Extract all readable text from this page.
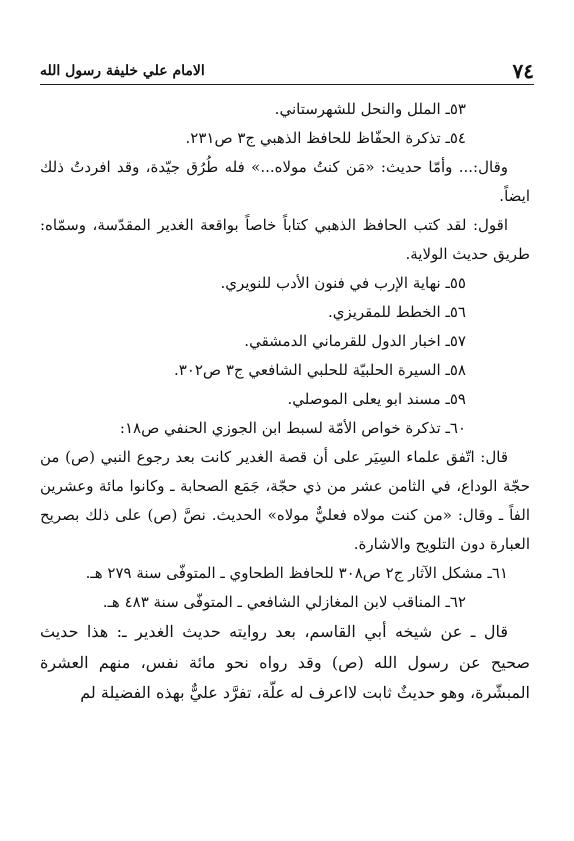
٧٤
الامام علي خليفة رسول الله

٥٣ـ الملل والنحل للشهرستاني.

٥٤ـ تذكرة الحفّاظ للحافظ الذهبي ج٣ ص٢٣١.

وقال:... وأمّا حديث: «مَن كنتُ مولاه...» فله طُرُق جيّدة، وقد افردتُ ذلك ايضاً.

اقول: لقد كتب الحافظ الذهبي كتاباً خاصاً بواقعة الغدير المقدّسة، وسمّاه: طريق حديث الولاية.

٥٥ـ نهاية الإرب في فنون الأدب للنويري.

٥٦ـ الخطط للمقريزي.

٥٧ـ اخبار الدول للقرماني الدمشقي.

٥٨ـ السيرة الحلبيّة للحلبي الشافعي ج٣ ص٣٠٢.

٥٩ـ مسند ابو يعلى الموصلي.

٦٠ـ تذكرة خواص الأمّة لسبط ابن الجوزي الحنفي ص١٨:

قال: اتّفق علماء السِيَر على أن قصة الغدير كانت بعد رجوع النبي (ص) من حجّة الوداع، في الثامن عشر من ذي حجّة، جَمَع الصحابة ـ وكانوا مائة وعشرين الفاً ـ وقال: «من كنت مولاه فعليٌّ مولاه» الحديث. نصَّ (ص) على ذلك بصريح العبارة دون التلويح والاشارة.

٦١ـ مشكل الآثار ج٢ ص٣٠٨ للحافظ الطحاوي ـ المتوفّى سنة ٢٧٩ هـ.

٦٢ـ المناقب لابن المغازلي الشافعي ـ المتوفّى سنة ٤٨٣ هـ.

قال ـ عن شيخه أبي القاسم، بعد روايته حديث الغدير ـ: هذا حديث صحيح عن رسول الله (ص) وقد رواه نحو مائة نفس، منهم العشرة المبشّرة، وهو حديثٌ ثابت لااعرف له علّة، تفرَّد عليٌّ بهذه الفضيلة لم
